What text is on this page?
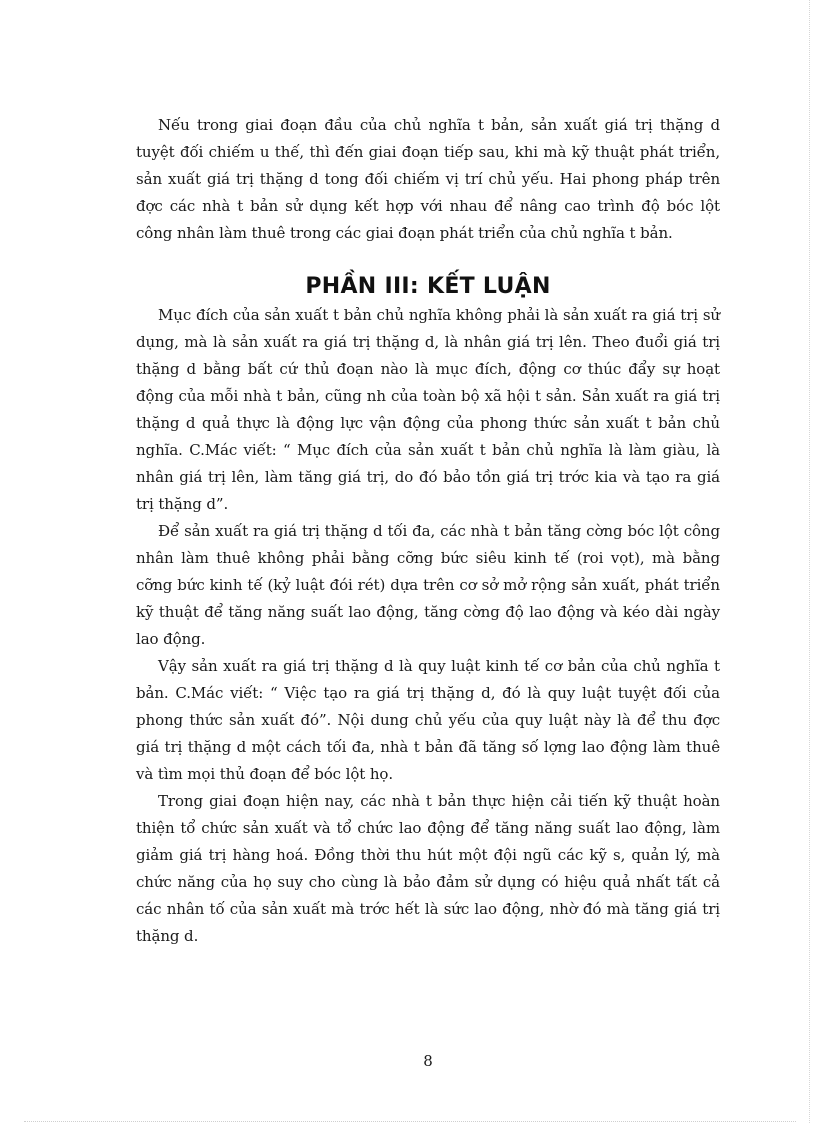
Nếu trong giai đoạn đầu của chủ nghĩa t bản, sản xuất giá trị thặng d tuyệt đối chiếm u thế, thì đến giai đoạn tiếp sau, khi mà kỹ thuật phát triển, sản xuất giá trị thặng d tong đối chiếm vị trí chủ yếu. Hai phong pháp trên đợc các nhà t bản sử dụng kết hợp với nhau để nâng cao trình độ bóc lột công nhân làm thuê trong các giai đoạn phát triển của chủ nghĩa t bản.

PHẦN III: KẾT LUẬN

Mục đích của sản xuất t bản chủ nghĩa không phải là sản xuất ra giá trị sử dụng, mà là sản xuất ra giá trị thặng d, là nhân giá trị lên. Theo đuổi giá trị thặng d bằng bất cứ thủ đoạn nào là mục đích, động cơ thúc đẩy sự hoạt động của mỗi nhà t bản, cũng nh của toàn bộ xã hội t sản. Sản xuất ra giá trị thặng d quả thực là động lực vận động của phong thức sản xuất t bản chủ nghĩa. C.Mác viết: “ Mục đích của sản xuất t bản chủ nghĩa là làm giàu, là nhân giá trị lên, làm tăng giá trị, do đó bảo tồn giá trị trớc kia và tạo ra giá trị thặng d”.

Để sản xuất ra giá trị thặng d tối đa, các nhà t bản tăng cờng bóc lột công nhân làm thuê không phải bằng cỡng bức siêu kinh tế (roi vọt), mà bằng cỡng bức kinh tế (kỷ luật đói rét) dựa trên cơ sở mở rộng sản xuất, phát triển kỹ thuật để tăng năng suất lao động, tăng cờng độ lao động và kéo dài ngày lao động.

Vậy sản xuất ra giá trị thặng d là quy luật kinh tế cơ bản của chủ nghĩa t bản. C.Mác viết: “ Việc tạo ra giá trị thặng d, đó là quy luật tuyệt đối của phong thức sản xuất đó”. Nội dung chủ yếu của quy luật này là để thu đợc giá trị thặng d một cách tối đa, nhà t bản đã tăng số lợng lao động làm thuê và tìm mọi thủ đoạn để bóc lột họ.

Trong giai đoạn hiện nay, các nhà t bản thực hiện cải tiến kỹ thuật hoàn thiện tổ chức sản xuất và tổ chức lao động để tăng năng suất lao động, làm giảm giá trị hàng hoá. Đồng thời thu hút một đội ngũ các kỹ s, quản lý, mà chức năng của họ suy cho cùng là bảo đảm sử dụng có hiệu quả nhất tất cả các nhân tố của sản xuất mà trớc hết là sức lao động, nhờ đó mà tăng giá trị thặng d.

8
